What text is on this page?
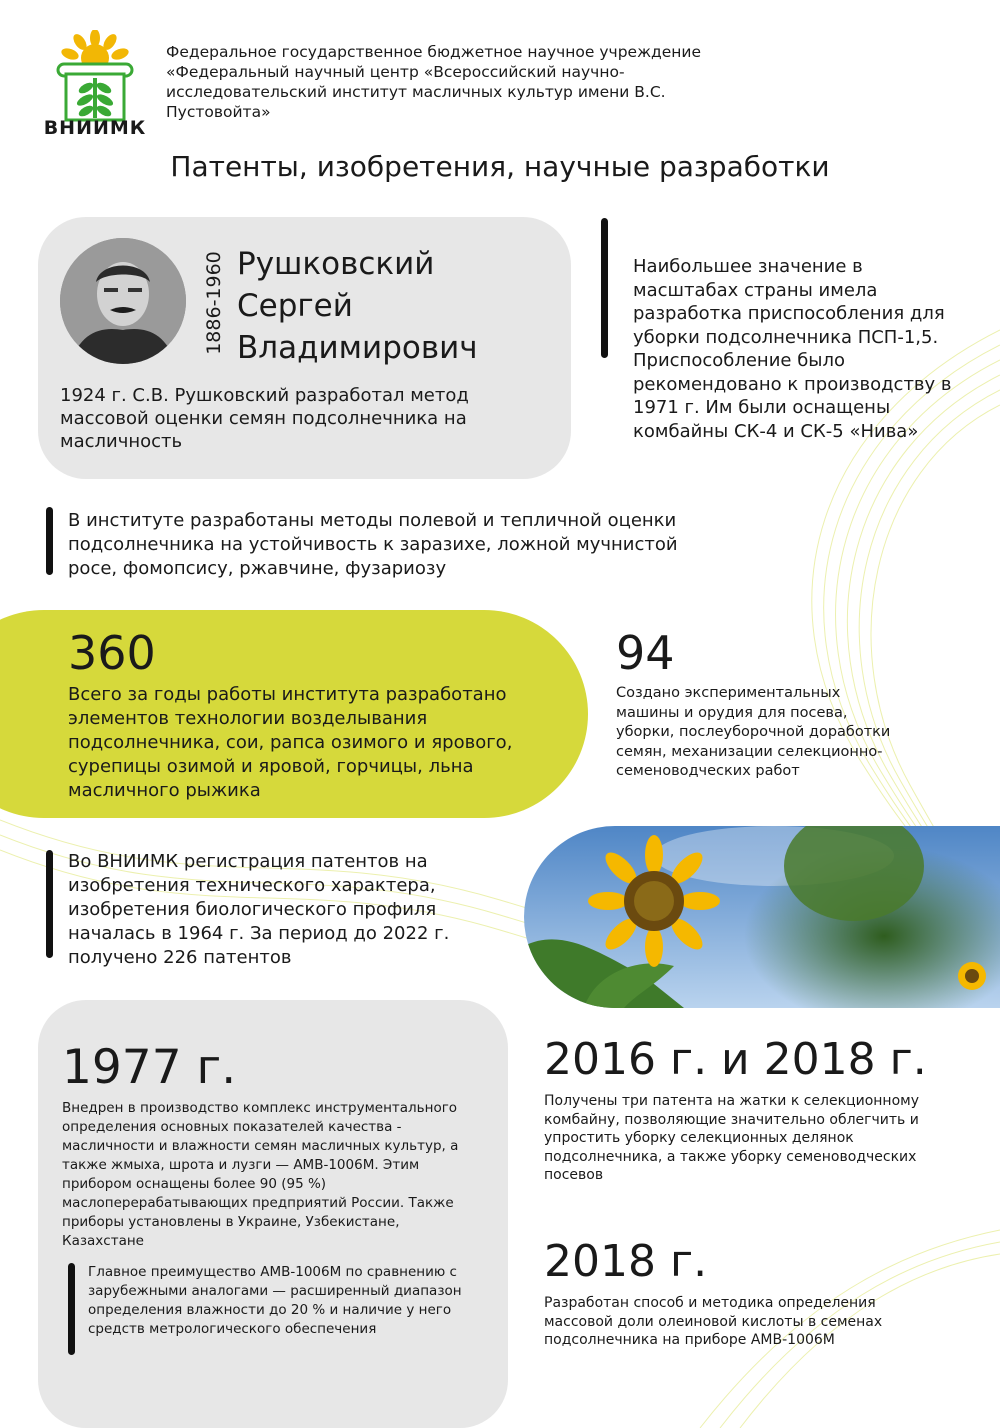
ВНИИМК
Федеральное государственное бюджетное научное учреждение «Федеральный научный центр «Всероссийский научно-исследовательский институт масличных культур имени В.С. Пустовойта»
Патенты, изобретения, научные разработки
1886-1960 Рушковский
Сергей
Владимирович
1924 г. С.В. Рушковский разработал метод массовой оценки семян подсолнечника на масличность
Наибольшее значение в масштабах страны имела разработка приспособления для уборки подсолнечника ПСП-1,5. Приспособление было рекомендовано к производству в 1971 г. Им были оснащены комбайны СК-4 и СК-5 «Нива»
В институте разработаны методы полевой и тепличной оценки подсолнечника на устойчивость к заразихе, ложной мучнистой росе, фомопсису, ржавчине, фузариозу
360
Всего за годы работы института разработано элементов технологии возделывания подсолнечника, сои, рапса озимого и ярового, сурепицы озимой и яровой, горчицы, льна масличного рыжика
94
Создано экспериментальных машины и орудия для посева, уборки, послеуборочной доработки семян, механизации селекционно-семеноводческих работ
Во ВНИИМК регистрация патентов на изобретения технического характера, изобретения биологического профиля началась в 1964 г. За период до 2022 г. получено 226 патентов
1977 г.
Внедрен в производство комплекс инструментального определения основных показателей качества - масличности и влажности семян масличных культур, а также жмыха, шрота и лузги — АМВ-1006М. Этим прибором оснащены более 90 (95 %) маслоперерабатывающих предприятий России. Также приборы установлены в Украине, Узбекистане, Казахстане
Главное преимущество АМВ-1006М по сравнению с зарубежными аналогами — расширенный диапазон определения влажности до 20 % и наличие у него средств метрологического обеспечения
2016 г. и 2018 г.
Получены три патента на жатки к селекционному комбайну, позволяющие значительно облегчить и упростить уборку селекционных делянок подсолнечника, а также уборку семеноводческих посевов
2018 г.
Разработан способ и методика определения массовой доли олеиновой кислоты в семенах подсолнечника на приборе АМВ-1006М
